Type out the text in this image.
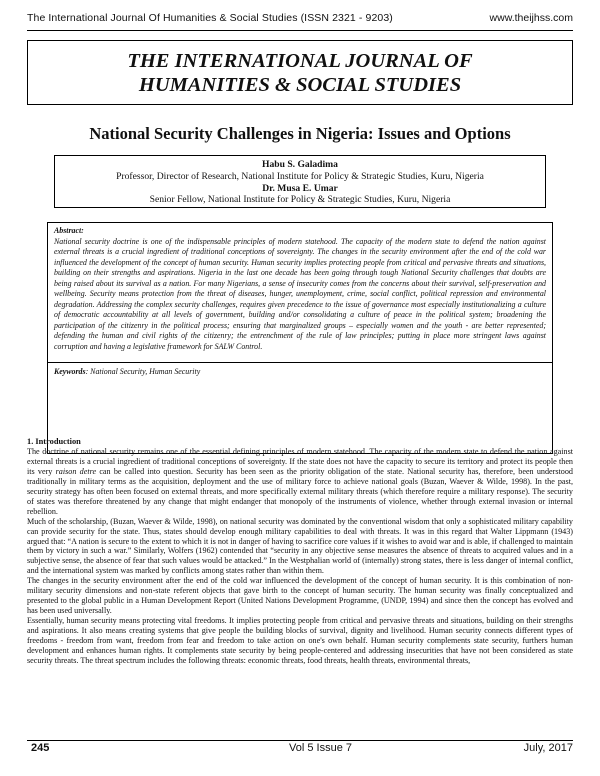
The International Journal Of Humanities & Social Studies (ISSN 2321 - 9203)	www.theijhss.com
THE INTERNATIONAL JOURNAL OF
HUMANITIES & SOCIAL STUDIES
National Security Challenges in Nigeria: Issues and Options
Habu S. Galadima
Professor, Director of Research, National Institute for Policy & Strategic Studies, Kuru, Nigeria
Dr. Musa E. Umar
Senior Fellow, National Institute for Policy & Strategic Studies, Kuru, Nigeria
Abstract:

National security doctrine is one of the indispensable principles of modern statehood. The capacity of the modern state to defend the nation against external threats is a crucial ingredient of traditional conceptions of sovereignty. The changes in the security environment after the end of the cold war influenced the development of the concept of human security. Human security implies protecting people from critical and pervasive threats and situations, building on their strengths and aspirations. Nigeria in the last one decade has been going through tough National Security challenges that doubts are being raised about its survival as a nation. For many Nigerians, a sense of insecurity comes from the concerns about their survival, self-preservation and wellbeing. Security means protection from the threat of diseases, hunger, unemployment, crime, social conflict, political repression and environmental degradation. Addressing the complex security challenges, requires given precedence to the issue of governance most especially institutionalizing a culture of democratic accountability at all levels of government, building and/or consolidating a culture of peace in the political system; broadening the participation of the citizenry in the political process; ensuring that marginalized groups – especially women and the youth - are better represented; defending the human and civil rights of the citizenry; the entrenchment of the rule of law principles; putting in place more stringent laws against corruption and having a legislative framework for SALW Control.

Keywords: National Security, Human Security
1. Introduction

The doctrine of national security remains one of the essential defining principles of modern statehood. The capacity of the modern state to defend the nation against external threats is a crucial ingredient of traditional conceptions of sovereignty. If the state does not have the capacity to secure its territory and protect its people then its very raison detre can be called into question. Security has been seen as the priority obligation of the state. National security has, therefore, been understood traditionally in military terms as the acquisition, deployment and the use of military force to achieve national goals (Buzan, Waever & Wilde, 1998). In the past, security strategy has often been focused on external threats, and more specifically external military threats (which therefore require a military response). The security of states was therefore threatened by any change that might endanger that monopoly of the instruments of violence, whether through external invasion or internal rebellion.

Much of the scholarship, (Buzan, Waever & Wilde, 1998), on national security was dominated by the conventional wisdom that only a sophisticated military capability can provide security for the state. Thus, states should develop enough military capabilities to deal with threats. It was in this regard that Walter Lippmann (1943) argued that: “A nation is secure to the extent to which it is not in danger of having to sacrifice core values if it wishes to avoid war and is able, if challenged to maintain them by victory in such a war.” Similarly, Wolfers (1962) contended that “security in any objective sense measures the absence of threats to acquired values and in a subjective sense, the absence of fear that such values would be attacked.” In the Westphalian world of (internally) strong states, there is less danger of internal conflict, and the international system was marked by conflicts among states rather than within them.

The changes in the security environment after the end of the cold war influenced the development of the concept of human security. It is this combination of non-military security dimensions and non-state referent objects that gave birth to the concept of human security. The human security was finally conceptualized and presented to the global public in a Human Development Report (United Nations Development Programme, (UNDP, 1994) and since then the concept has evolved and has been used universally.

Essentially, human security means protecting vital freedoms. It implies protecting people from critical and pervasive threats and situations, building on their strengths and aspirations. It also means creating systems that give people the building blocks of survival, dignity and livelihood. Human security connects different types of freedoms - freedom from want, freedom from fear and freedom to take action on one's own behalf. Human security complements state security, furthers human development and enhances human rights. It complements state security by being people-centered and addressing insecurities that have not been considered as state security threats. The threat spectrum includes the following threats: economic threats, food threats, health threats, environmental threats,

245	Vol 5 Issue 7	July, 2017
